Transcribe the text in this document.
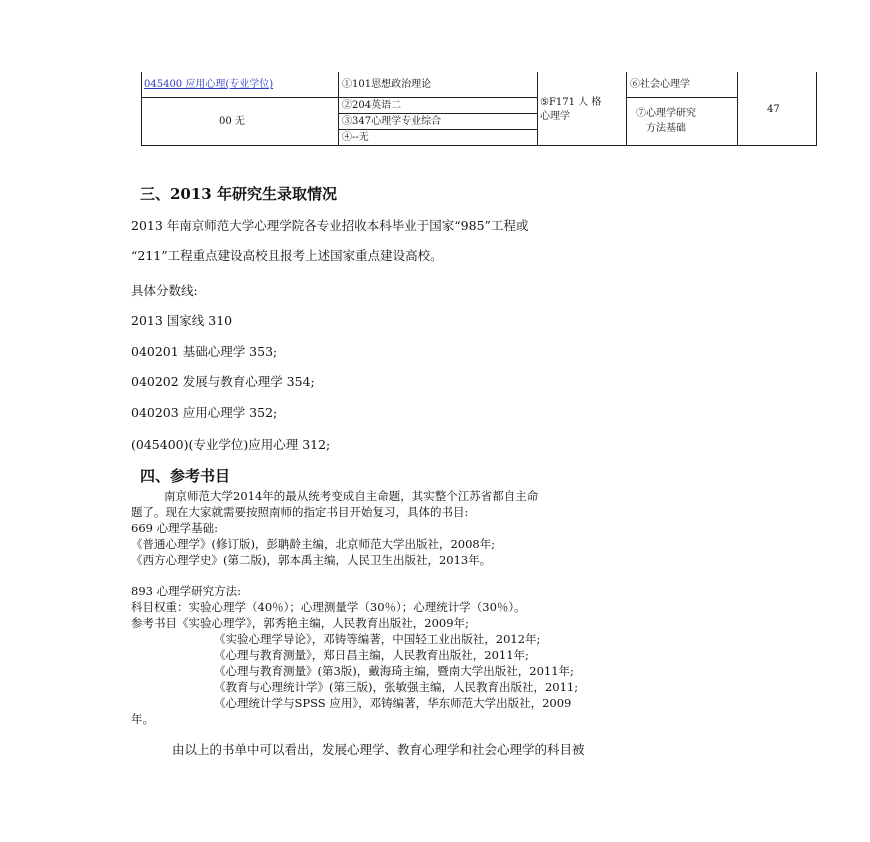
045400 应用心理(专业学位)
00 无
①101思想政治理论
②204英语二
③347心理学专业综合
④--无
⑤F171 人 格
心理学
⑥社会心理学
⑦心理学研究
方法基础
47
三、2013 年研究生录取情况
2013 年南京师范大学心理学院各专业招收本科毕业于国家“985”工程或
“211”工程重点建设高校且报考上述国家重点建设高校。
具体分数线:
2013 国家线 310
040201 基础心理学 353;
040202 发展与教育心理学 354;
040203 应用心理学 352;
(045400)(专业学位)应用心理 312;
四、参考书目
南京师范大学2014年的最从统考变成自主命题，其实整个江苏省都自主命
题了。现在大家就需要按照南师的指定书目开始复习，具体的书目:
669 心理学基础:
《普通心理学》(修订版)，彭聃龄主编，北京师范大学出版社，2008年;
《西方心理学史》(第二版)，郭本禹主编，人民卫生出版社，2013年。
893 心理学研究方法:
科目权重：实验心理学（40％）；心理测量学（30％）；心理统计学（30％）。
参考书目《实验心理学》，郭秀艳主编，人民教育出版社，2009年;
《实验心理学导论》，邓铸等编著，中国轻工业出版社，2012年;
《心理与教育测量》，郑日昌主编，人民教育出版社，2011年;
《心理与教育测量》(第3版)，戴海琦主编，暨南大学出版社，2011年;
《教育与心理统计学》(第三版)，张敏强主编，人民教育出版社，2011;
《心理统计学与SPSS 应用》，邓铸编著，华东师范大学出版社，2009
年。
由以上的书单中可以看出，发展心理学、教育心理学和社会心理学的科目被
